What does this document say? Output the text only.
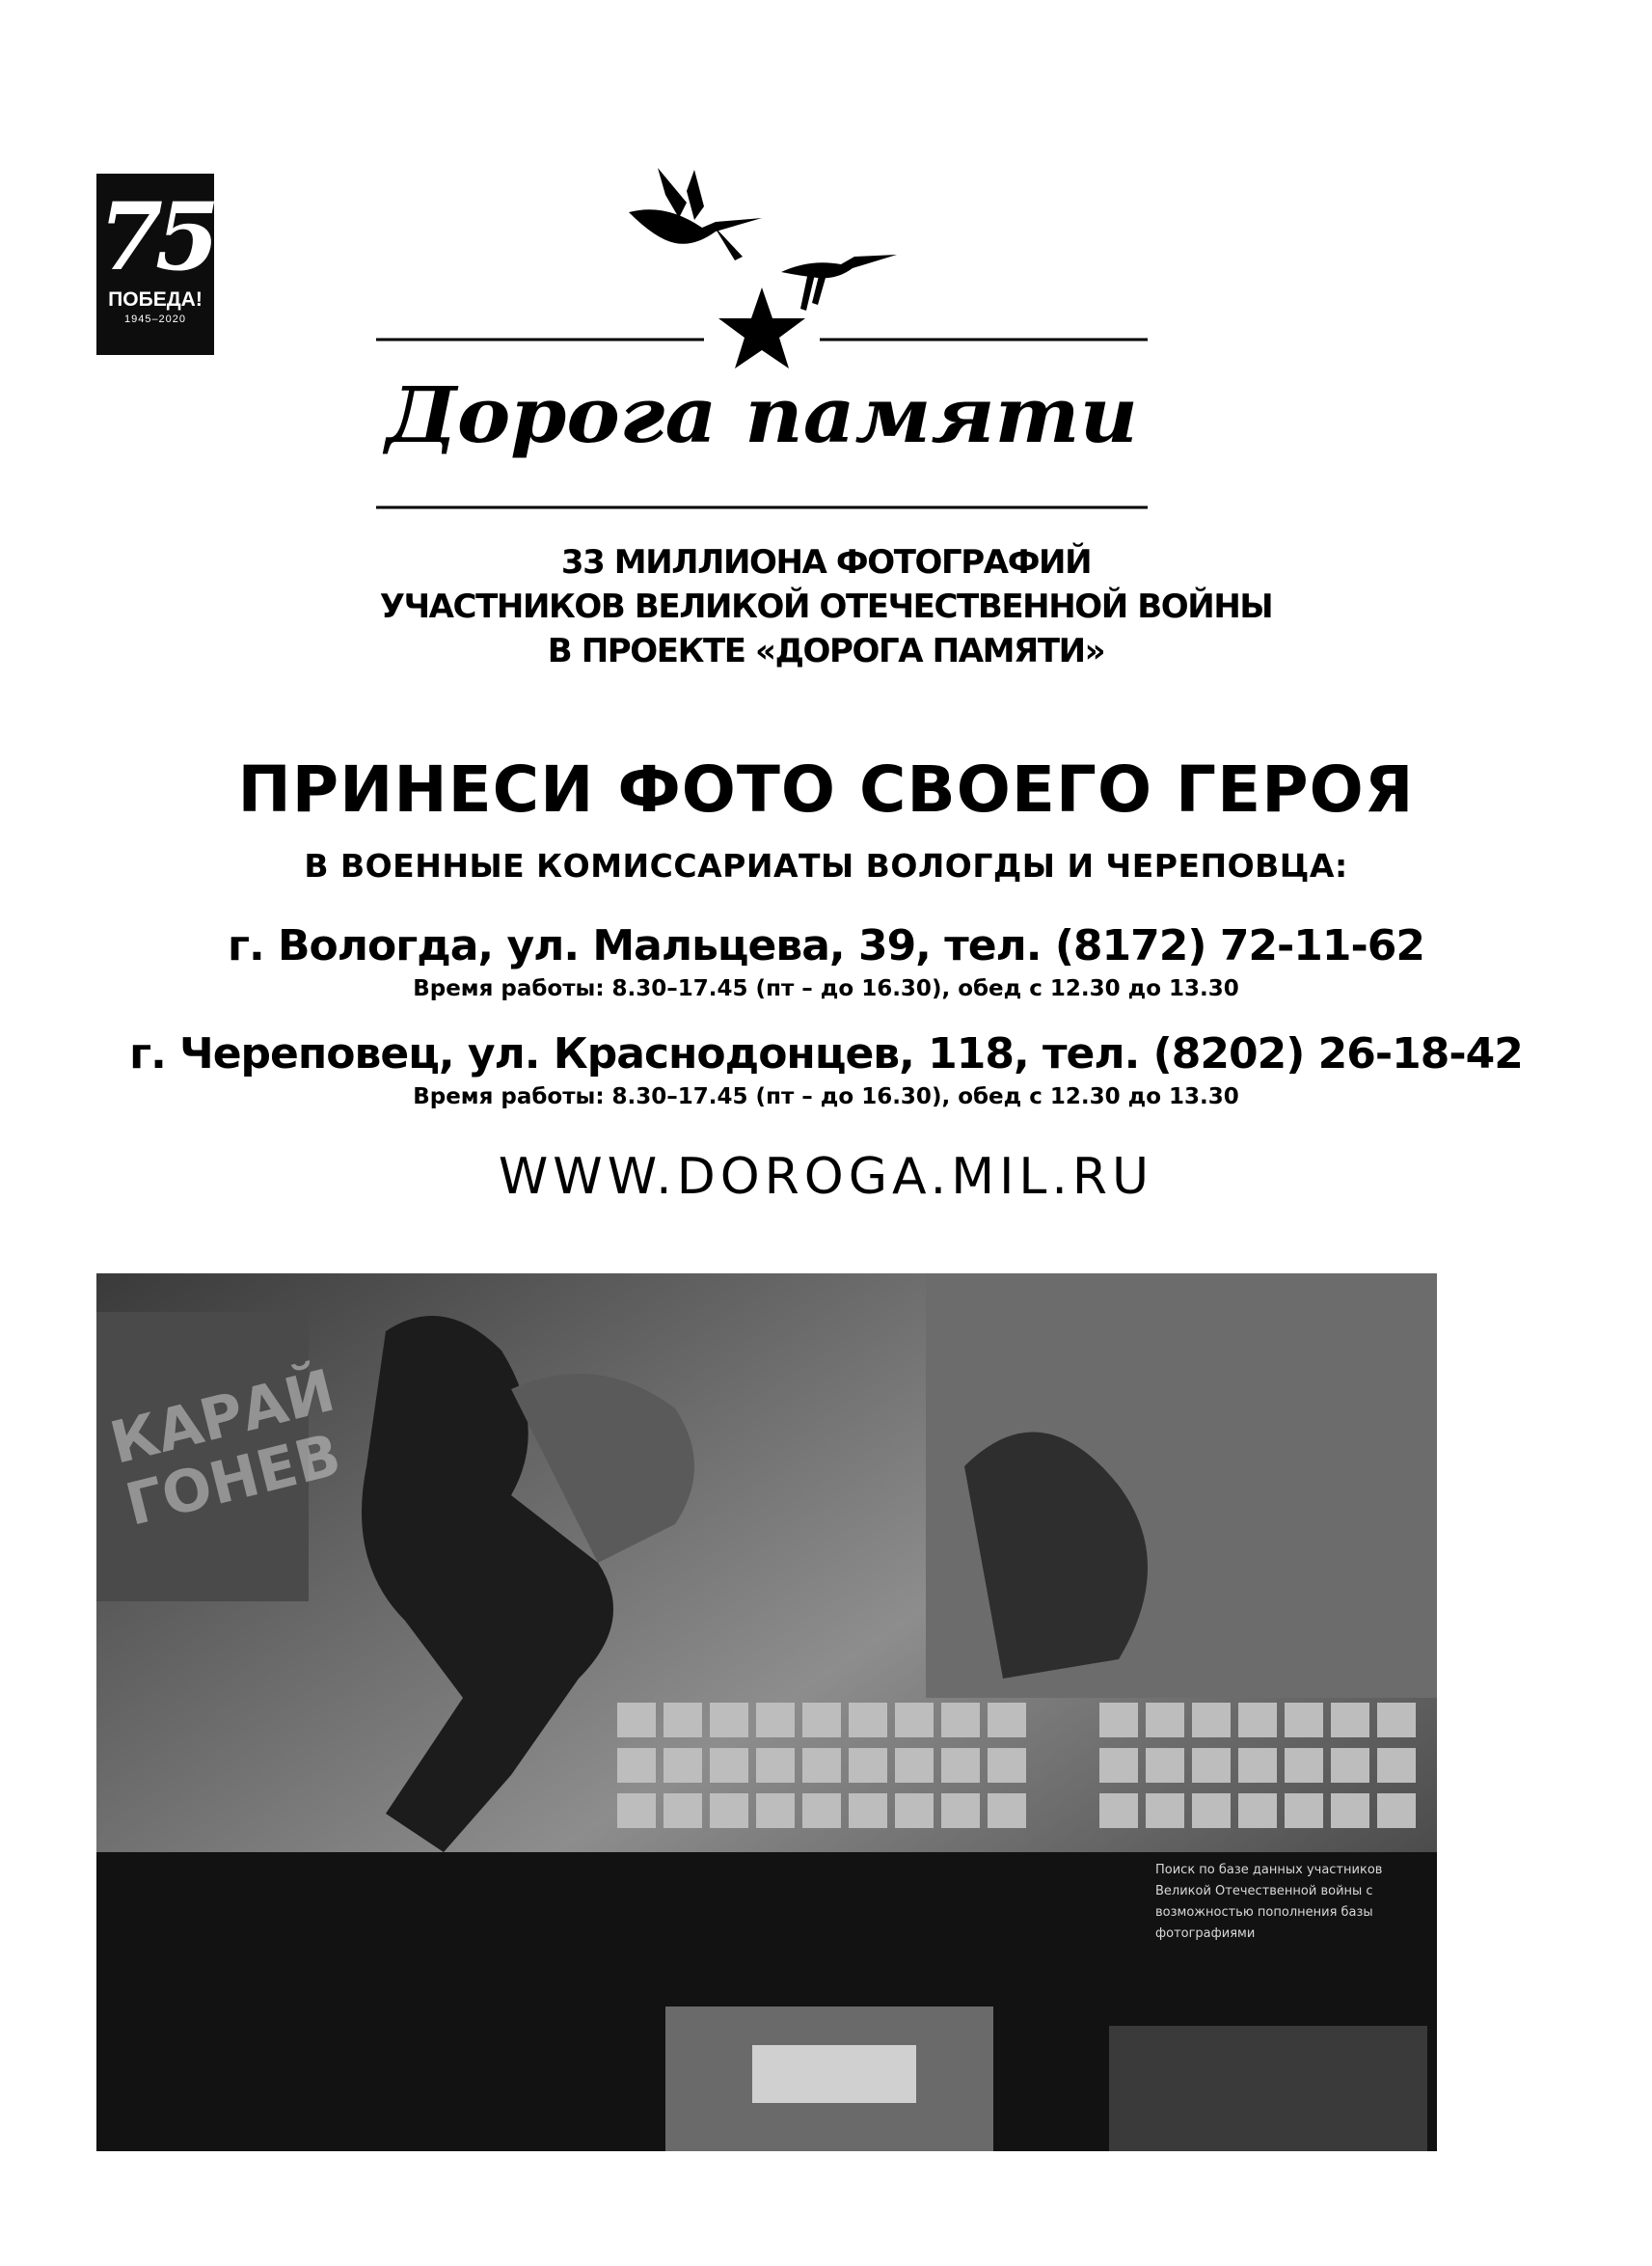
75
ПОБЕДА!
1945–2020
Дорога памяти
33 МИЛЛИОНА ФОТОГРАФИЙ
УЧАСТНИКОВ ВЕЛИКОЙ ОТЕЧЕСТВЕННОЙ ВОЙНЫ
В ПРОЕКТЕ «ДОРОГА ПАМЯТИ»
ПРИНЕСИ ФОТО СВОЕГО ГЕРОЯ
В ВОЕННЫЕ КОМИССАРИАТЫ ВОЛОГДЫ И ЧЕРЕПОВЦА:
г. Вологда, ул. Мальцева, 39, тел. (8172) 72-11-62
Время работы: 8.30–17.45 (пт – до 16.30), обед с 12.30 до 13.30
г. Череповец, ул. Краснодонцев, 118, тел. (8202) 26-18-42
Время работы: 8.30–17.45 (пт – до 16.30), обед с 12.30 до 13.30
WWW.DOROGA.MIL.RU
КАРАЙ ГОНЕВ
Поиск по базе данных участников Великой Отечественной войны с возможностью пополнения базы фотографиями
